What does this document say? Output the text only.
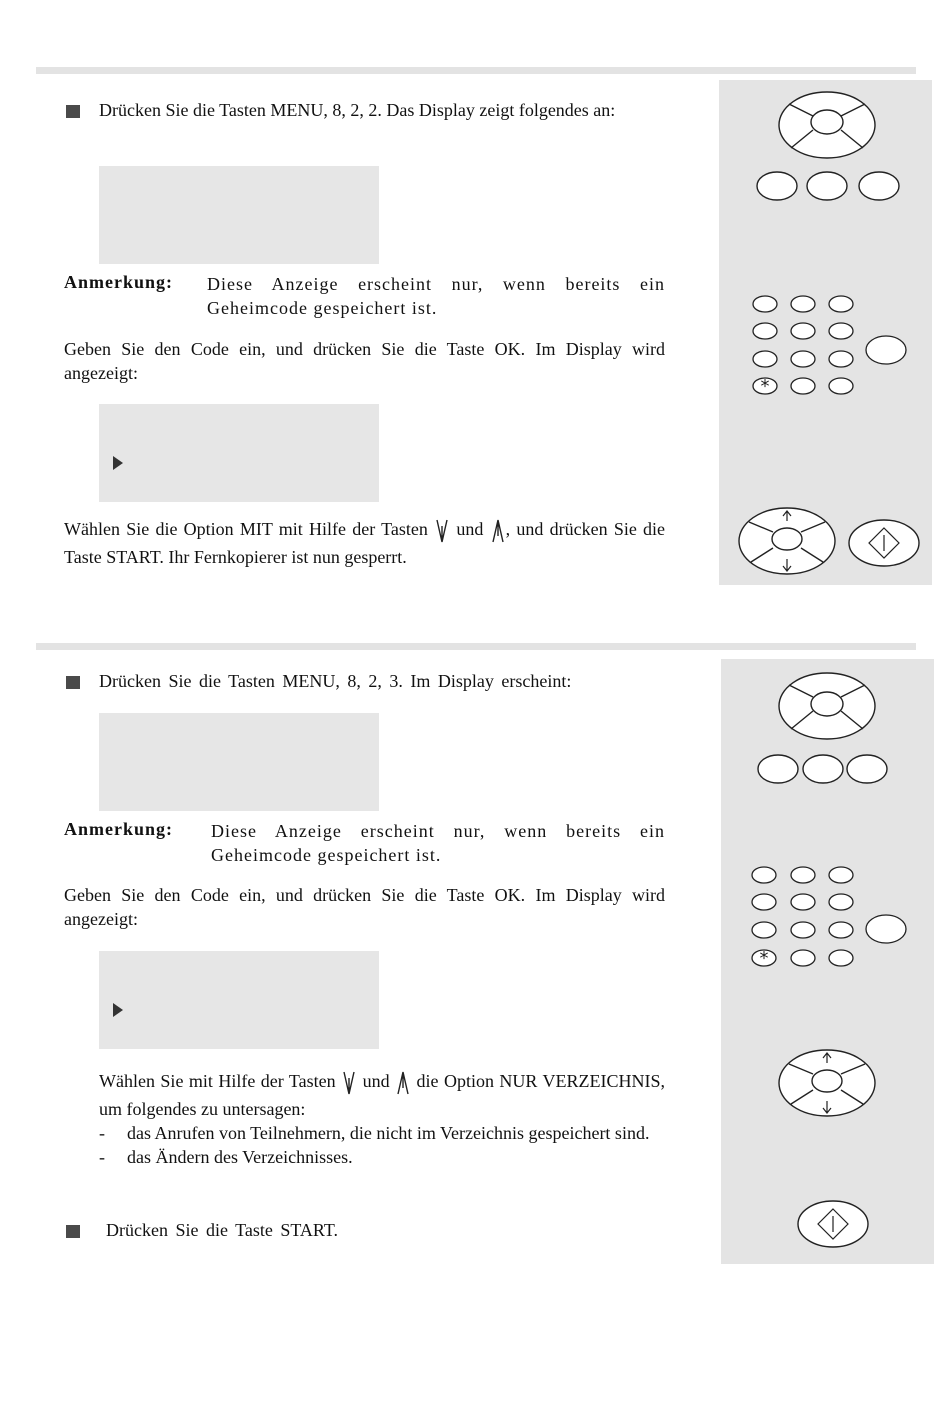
Drücken Sie die Tasten MENU, 8, 2, 2. Das Display zeigt folgendes an:
Anmerkung: Diese Anzeige erscheint nur, wenn bereits ein Geheimcode gespeichert ist.
Geben Sie den Code ein, und drücken Sie die Taste OK. Im Display wird angezeigt:
Wählen Sie die Option MIT mit Hilfe der Tasten und , und drücken Sie die Taste START. Ihr Fernkopierer ist nun gesperrt.
*
Drücken Sie die Tasten MENU, 8, 2, 3. Im Display erscheint:
Anmerkung: Diese Anzeige erscheint nur, wenn bereits ein Geheimcode gespeichert ist.
Geben Sie den Code ein, und drücken Sie die Taste OK. Im Display wird angezeigt:
Wählen Sie mit Hilfe der Tasten und die Option NUR VERZEICHNIS, um folgendes zu untersagen:
- das Anrufen von Teilnehmern, die nicht im Verzeichnis gespeichert sind.
- das Ändern des Verzeichnisses.
Drücken Sie die Taste START.
*
